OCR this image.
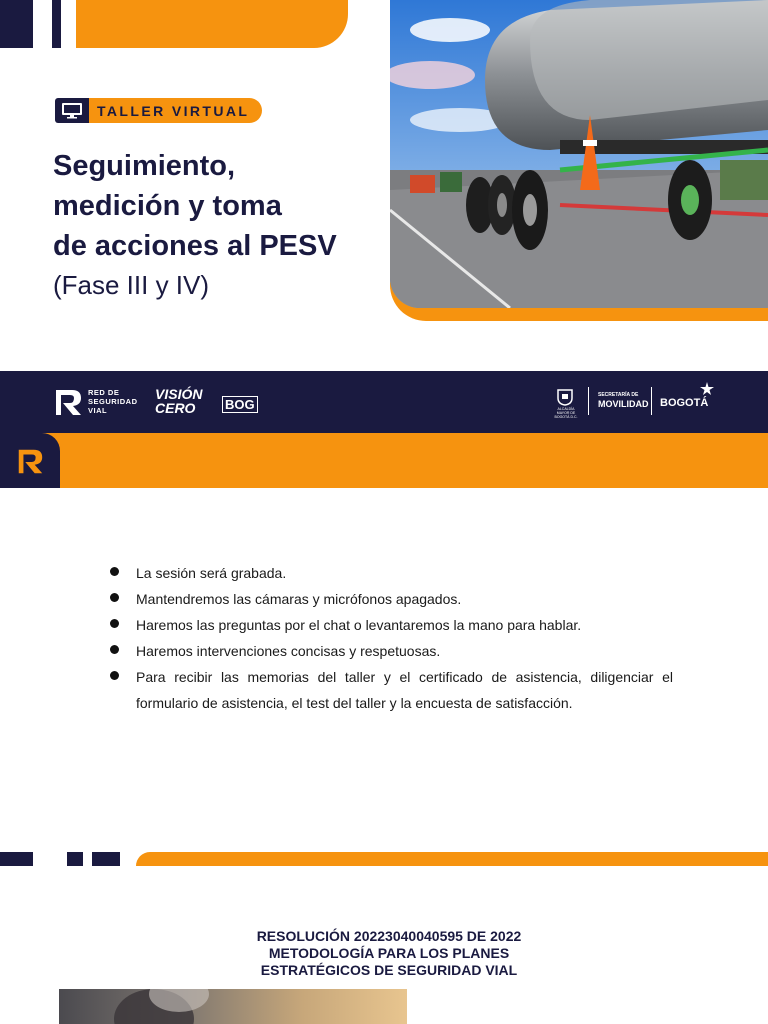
TALLER VIRTUAL
Seguimiento,
medición y toma
de acciones al PESV
(Fase III y IV)
RED DE
SEGURIDAD
VIAL
VISIÓN
CERO	BOG	ALCALDÍA MAYOR DE BOGOTÁ D.C.
SECRETARÍA DE
MOVILIDAD BOGOTÁ
La sesión será grabada.
Mantendremos las cámaras y micrófonos apagados.
Haremos las preguntas por el chat o levantaremos la mano para hablar.
Haremos intervenciones concisas y respetuosas.
Para recibir las memorias del taller y el certificado de asistencia, diligenciar el formulario de asistencia, el test del taller y la encuesta de satisfacción.
RESOLUCIÓN 20223040040595 DE 2022
METODOLOGÍA PARA LOS PLANES
ESTRATÉGICOS DE SEGURIDAD VIAL
